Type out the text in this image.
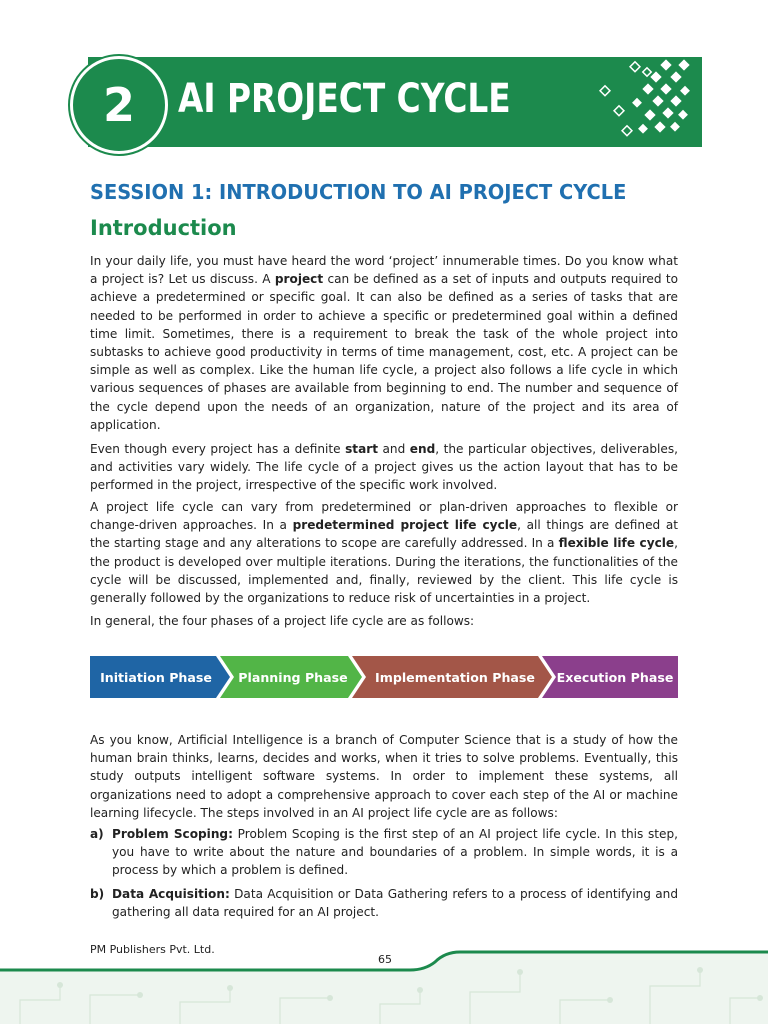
2	AI PROJECT CYCLE
SESSION 1: INTRODUCTION TO AI PROJECT CYCLE
Introduction

In your daily life, you must have heard the word ‘project’ innumerable times. Do you know what a project is? Let us discuss. A project can be defined as a set of inputs and outputs required to achieve a predetermined or specific goal. It can also be defined as a series of tasks that are needed to be performed in order to achieve a specific or predetermined goal within a defined time limit. Sometimes, there is a requirement to break the task of the whole project into subtasks to achieve good productivity in terms of time management, cost, etc. A project can be simple as well as complex. Like the human life cycle, a project also follows a life cycle in which various sequences of phases are available from beginning to end. The number and sequence of the cycle depend upon the needs of an organization, nature of the project and its area of application.

Even though every project has a definite start and end, the particular objectives, deliverables, and activities vary widely. The life cycle of a project gives us the action layout that has to be performed in the project, irrespective of the specific work involved.

A project life cycle can vary from predetermined or plan-driven approaches to flexible or change-driven approaches. In a predetermined project life cycle, all things are defined at the starting stage and any alterations to scope are carefully addressed. In a flexible life cycle, the product is developed over multiple iterations. During the iterations, the functionalities of the cycle will be discussed, implemented and, finally, reviewed by the client. This life cycle is generally followed by the organizations to reduce risk of uncertainties in a project.

In general, the four phases of a project life cycle are as follows:

Initiation Phase	Planning Phase	Implementation Phase	Execution Phase

As you know, Artificial Intelligence is a branch of Computer Science that is a study of how the human brain thinks, learns, decides and works, when it tries to solve problems. Eventually, this study outputs intelligent software systems. In order to implement these systems, all organizations need to adopt a comprehensive approach to cover each step of the AI or machine learning lifecycle. The steps involved in an AI project life cycle are as follows:

a) Problem Scoping: Problem Scoping is the first step of an AI project life cycle. In this step, you have to write about the nature and boundaries of a problem. In simple words, it is a process by which a problem is defined.
b) Data Acquisition: Data Acquisition or Data Gathering refers to a process of identifying and gathering all data required for an AI project.
PM Publishers Pvt. Ltd.
65
